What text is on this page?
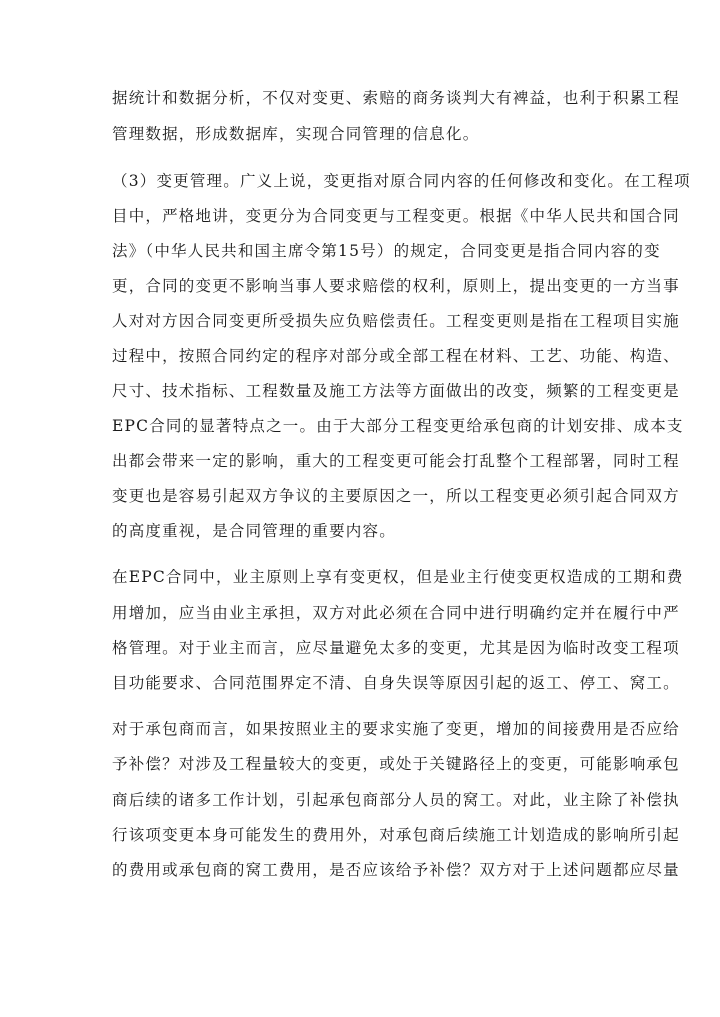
据统计和数据分析，不仅对变更、索赔的商务谈判大有裨益，也利于积累工程
管理数据，形成数据库，实现合同管理的信息化。
（3）变更管理。广义上说，变更指对原合同内容的任何修改和变化。在工程项
目中，严格地讲，变更分为合同变更与工程变更。根据《中华人民共和国合同
法》（中华人民共和国主席令第15号）的规定，合同变更是指合同内容的变
更，合同的变更不影响当事人要求赔偿的权利，原则上，提出变更的一方当事
人对对方因合同变更所受损失应负赔偿责任。工程变更则是指在工程项目实施
过程中，按照合同约定的程序对部分或全部工程在材料、工艺、功能、构造、
尺寸、技术指标、工程数量及施工方法等方面做出的改变，频繁的工程变更是
EPC合同的显著特点之一。由于大部分工程变更给承包商的计划安排、成本支
出都会带来一定的影响，重大的工程变更可能会打乱整个工程部署，同时工程
变更也是容易引起双方争议的主要原因之一，所以工程变更必须引起合同双方
的高度重视，是合同管理的重要内容。
在EPC合同中，业主原则上享有变更权，但是业主行使变更权造成的工期和费
用增加，应当由业主承担，双方对此必须在合同中进行明确约定并在履行中严
格管理。对于业主而言，应尽量避免太多的变更，尤其是因为临时改变工程项
目功能要求、合同范围界定不清、自身失误等原因引起的返工、停工、窝工。
对于承包商而言，如果按照业主的要求实施了变更，增加的间接费用是否应给
予补偿？对涉及工程量较大的变更，或处于关键路径上的变更，可能影响承包
商后续的诸多工作计划，引起承包商部分人员的窝工。对此，业主除了补偿执
行该项变更本身可能发生的费用外，对承包商后续施工计划造成的影响所引起
的费用或承包商的窝工费用，是否应该给予补偿？双方对于上述问题都应尽量
